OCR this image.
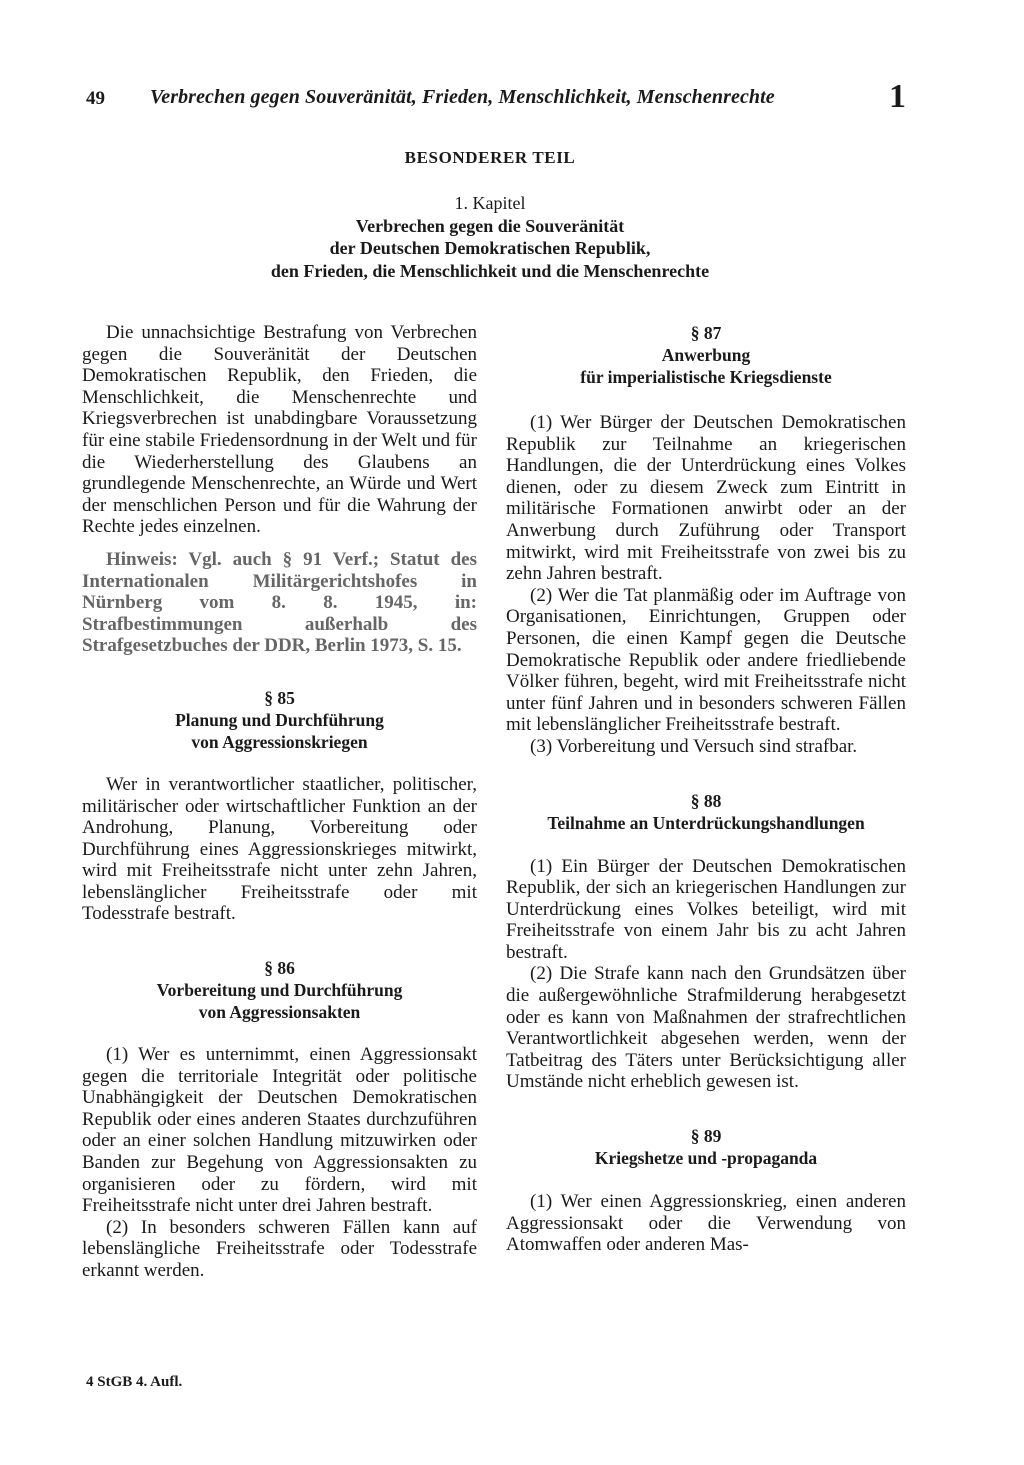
49 Verbrechen gegen Souveränität, Frieden, Menschlichkeit, Menschenrechte	1
BESONDERER TEIL
1. Kapitel
Verbrechen gegen die Souveränität
der Deutschen Demokratischen Republik,
den Frieden, die Menschlichkeit und die Menschenrechte

Die unnachsichtige Bestrafung von Verbrechen gegen die Souveränität der Deutschen Demokratischen Republik, den Frieden, die Menschlichkeit, die Menschenrechte und Kriegsverbrechen ist unabdingbare Voraussetzung für eine stabile Friedensordnung in der Welt und für die Wiederherstellung des Glaubens an grundlegende Menschenrechte, an Würde und Wert der menschlichen Person und für die Wahrung der Rechte jedes einzelnen.

Hinweis: Vgl. auch § 91 Verf.; Statut des Internationalen Militärgerichtshofes in Nürnberg vom 8. 8. 1945, in: Strafbestimmungen außerhalb des Strafgesetzbuches der DDR, Berlin 1973, S. 15.

§ 85
Planung und Durchführung
von Aggressionskriegen

Wer in verantwortlicher staatlicher, politischer, militärischer oder wirtschaftlicher Funktion an der Androhung, Planung, Vorbereitung oder Durchführung eines Aggressionskrieges mitwirkt, wird mit Freiheitsstrafe nicht unter zehn Jahren, lebenslänglicher Freiheitsstrafe oder mit Todesstrafe bestraft.

§ 86
Vorbereitung und Durchführung
von Aggressionsakten

(1) Wer es unternimmt, einen Aggressionsakt gegen die territoriale Integrität oder politische Unabhängigkeit der Deutschen Demokratischen Republik oder eines anderen Staates durchzuführen oder an einer solchen Handlung mitzuwirken oder Banden zur Begehung von Aggressionsakten zu organisieren oder zu fördern, wird mit Freiheitsstrafe nicht unter drei Jahren bestraft.

(2) In besonders schweren Fällen kann auf lebenslängliche Freiheitsstrafe oder Todesstrafe erkannt werden.

§ 87
Anwerbung
für imperialistische Kriegsdienste

(1) Wer Bürger der Deutschen Demokratischen Republik zur Teilnahme an kriegerischen Handlungen, die der Unterdrückung eines Volkes dienen, oder zu diesem Zweck zum Eintritt in militärische Formationen anwirbt oder an der Anwerbung durch Zuführung oder Transport mitwirkt, wird mit Freiheitsstrafe von zwei bis zu zehn Jahren bestraft.

(2) Wer die Tat planmäßig oder im Auftrage von Organisationen, Einrichtungen, Gruppen oder Personen, die einen Kampf gegen die Deutsche Demokratische Republik oder andere friedliebende Völker führen, begeht, wird mit Freiheitsstrafe nicht unter fünf Jahren und in besonders schweren Fällen mit lebenslänglicher Freiheitsstrafe bestraft.

(3) Vorbereitung und Versuch sind strafbar.

§ 88
Teilnahme an Unterdrückungshandlungen

(1) Ein Bürger der Deutschen Demokratischen Republik, der sich an kriegerischen Handlungen zur Unterdrückung eines Volkes beteiligt, wird mit Freiheitsstrafe von einem Jahr bis zu acht Jahren bestraft.

(2) Die Strafe kann nach den Grundsätzen über die außergewöhnliche Strafmilderung herabgesetzt oder es kann von Maßnahmen der strafrechtlichen Verantwortlichkeit abgesehen werden, wenn der Tatbeitrag des Täters unter Berücksichtigung aller Umstände nicht erheblich gewesen ist.

§ 89
Kriegshetze und -propaganda

(1) Wer einen Aggressionskrieg, einen anderen Aggressionsakt oder die Verwendung von Atomwaffen oder anderen Mas-

4 StGB 4. Aufl.
